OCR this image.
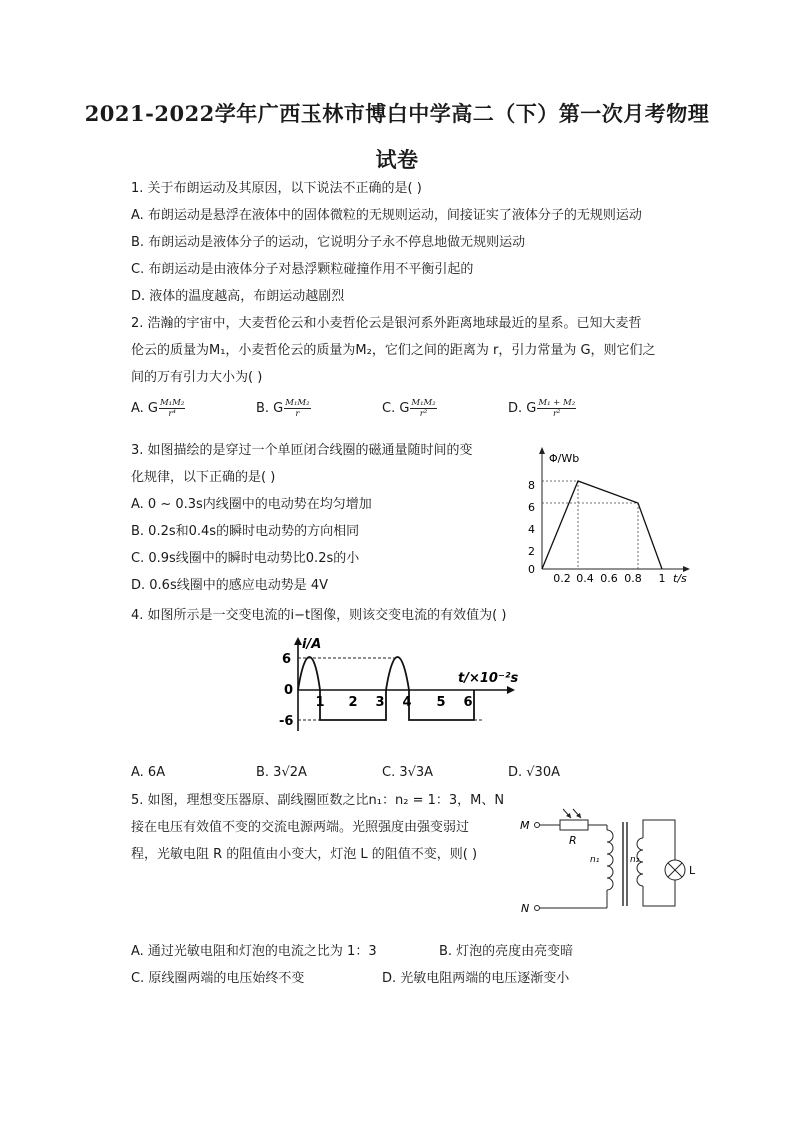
2021-2022学年广西玉林市博白中学高二（下）第一次月考物理
试卷
1. 关于布朗运动及其原因，以下说法不正确的是( )
A. 布朗运动是悬浮在液体中的固体微粒的无规则运动，间接证实了液体分子的无规则运动
B. 布朗运动是液体分子的运动，它说明分子永不停息地做无规则运动
C. 布朗运动是由液体分子对悬浮颗粒碰撞作用不平衡引起的
D. 液体的温度越高，布朗运动越剧烈
2. 浩瀚的宇宙中，大麦哲伦云和小麦哲伦云是银河系外距离地球最近的星系。已知大麦哲
伦云的质量为M₁，小麦哲伦云的质量为M₂，它们之间的距离为 r，引力常量为 G，则它们之
间的万有引力大小为( )
A. G $\frac{\text{M₁M₂}}{\text{r⁴}}$	B. G $\frac{\text{M₁M₂}}{r}$	C. G $\frac{\text{M₁M₂}}{\text{r²}}$	D. G $\frac{\text{M₁ + M₂}}{\text{r²}}$
3. 如图描绘的是穿过一个单匝闭合线圈的磁通量随时间的变
化规律，以下正确的是( )
A. 0 ~ 0.3s内线圈中的电动势在均匀增加
B. 0.2s和0.4s的瞬时电动势的方向相同
C. 0.9s线圈中的瞬时电动势比0.2s的小
D. 0.6s线圈中的感应电动势是 4V
Φ/Wb
t/s
8
6
4
2
0
0.2 0.4 0.6 0.8 1
4. 如图所示是一交变电流的i−t图像，则该交变电流的有效值为( )
i/A
6
0
-6
t/×10⁻²s
1 2 3 4 5 6
A. 6A	B. 3√2A	C. 3√3A	D. √30A
5. 如图，理想变压器原、副线圈匝数之比n₁：n₂ = 1：3，M、N
接在电压有效值不变的交流电源两端。光照强度由强变弱过
程，光敏电阻 R 的阻值由小变大，灯泡 L 的阻值不变，则( )
M
N
R
n₁	n₂
L
A. 通过光敏电阻和灯泡的电流之比为 1：3	B. 灯泡的亮度由亮变暗
C. 原线圈两端的电压始终不变	D. 光敏电阻两端的电压逐渐变小
